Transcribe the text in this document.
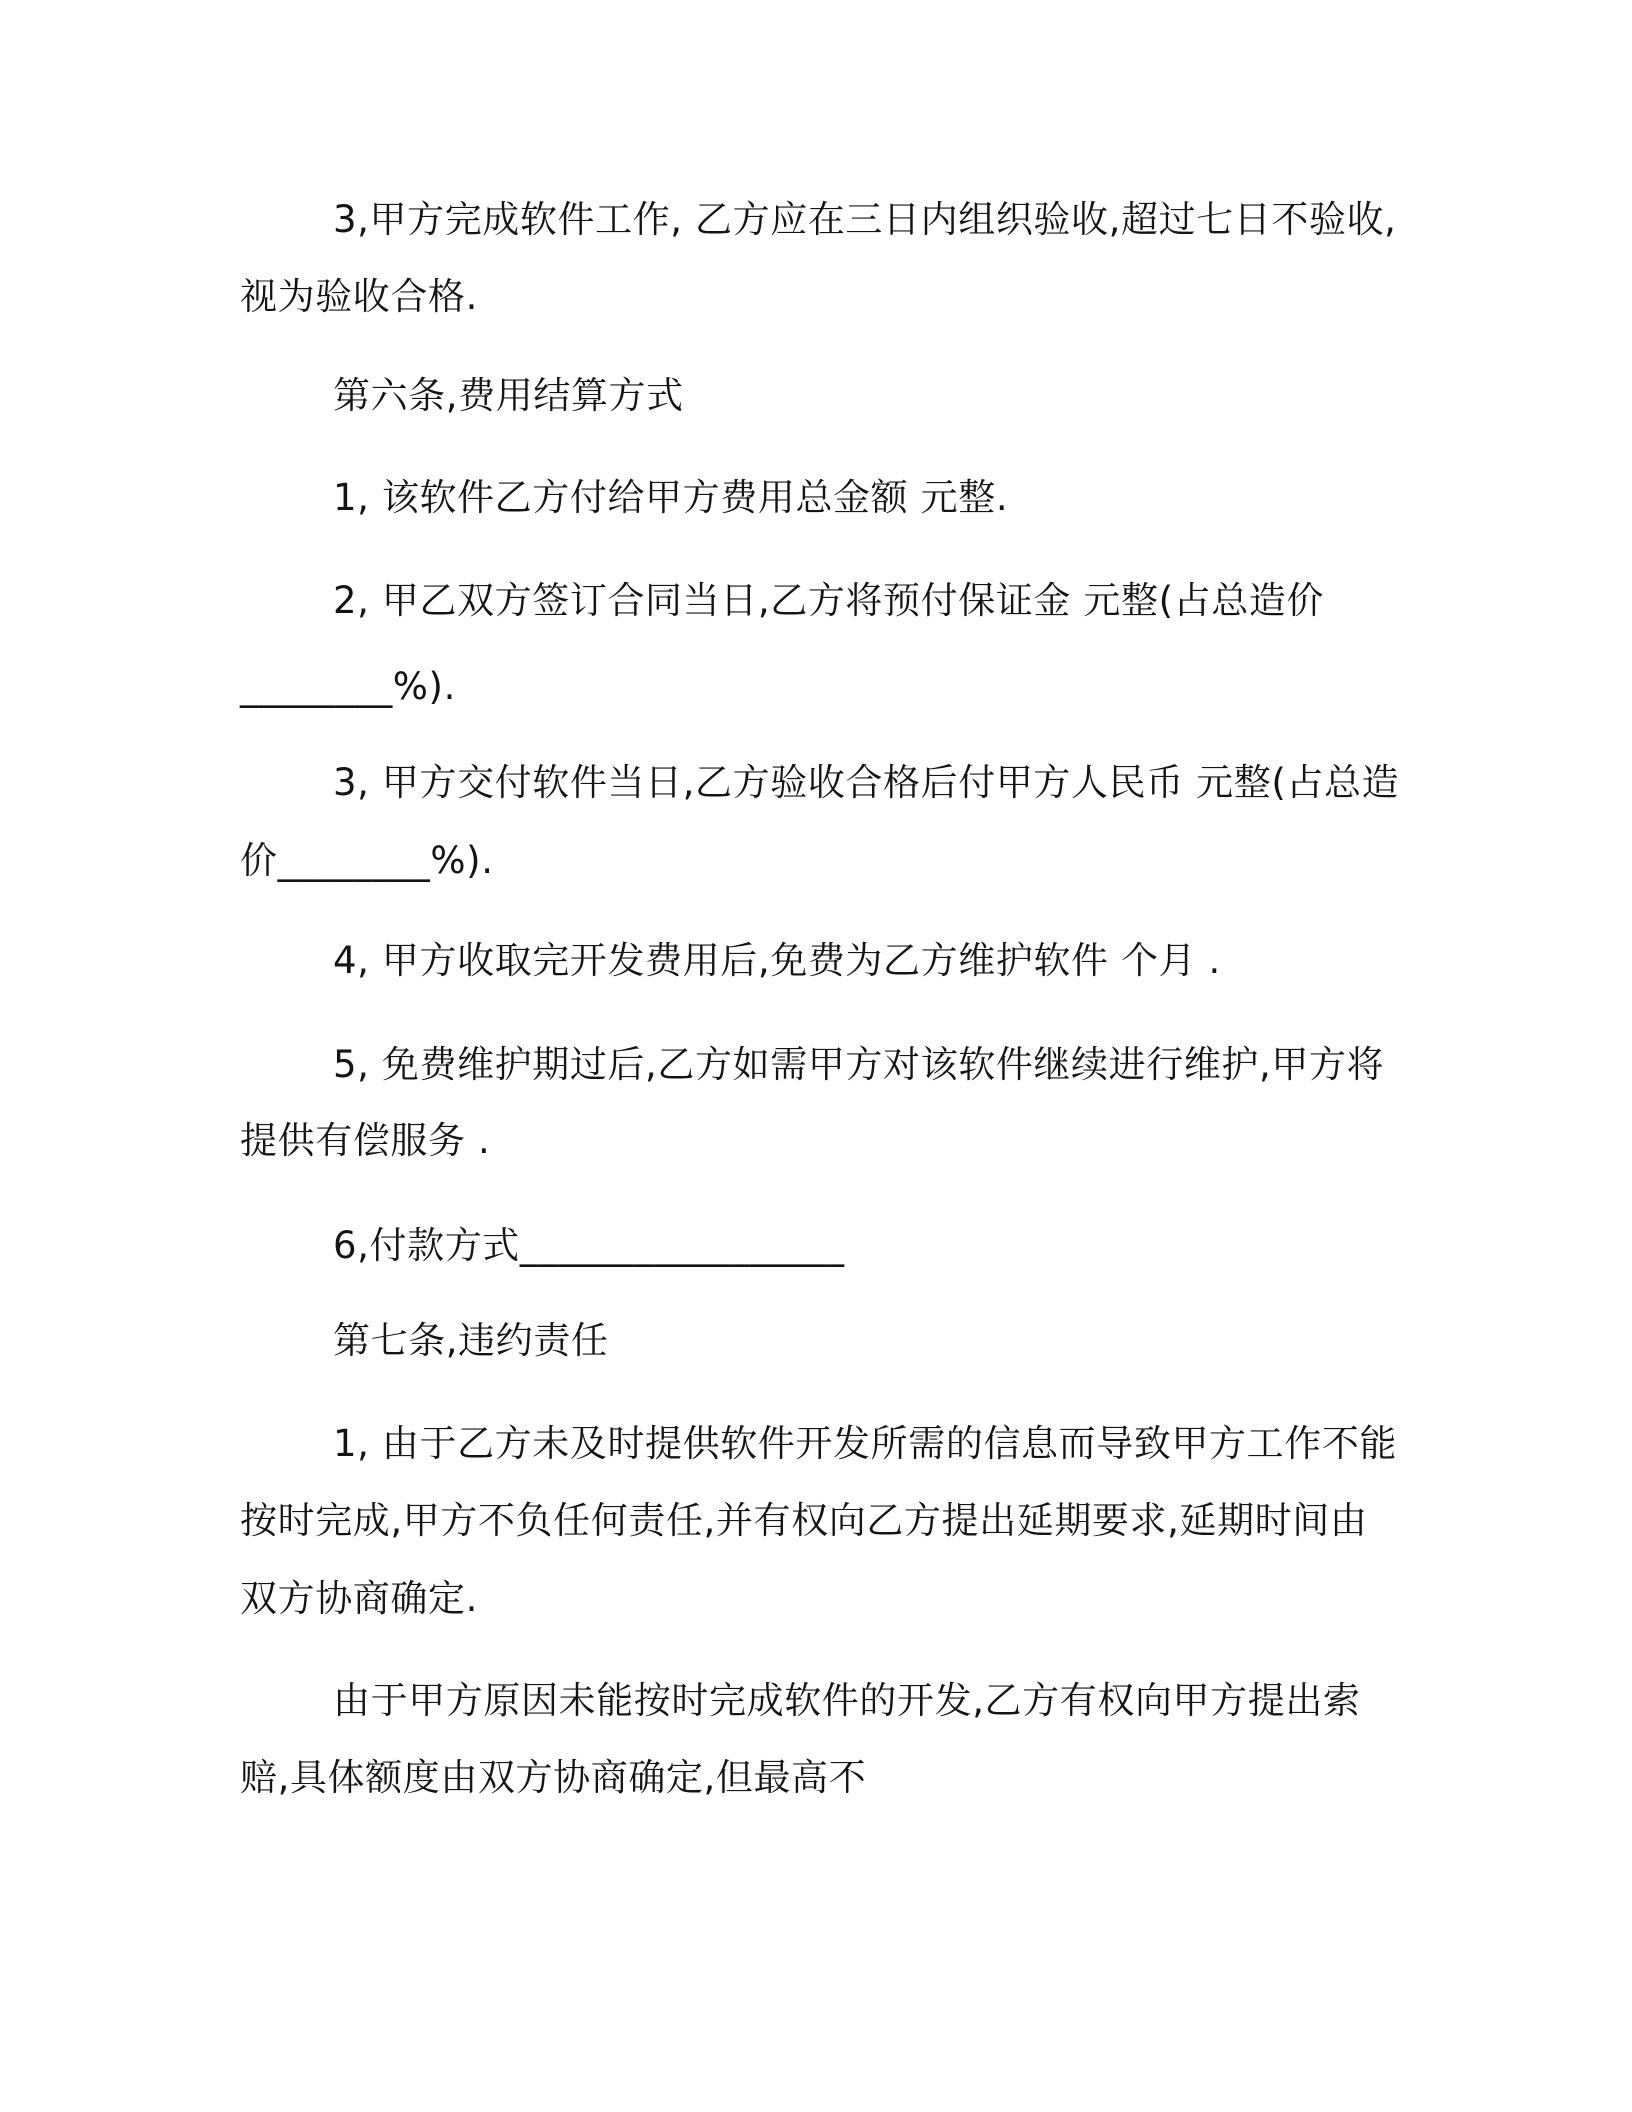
3,甲方完成软件工作, 乙方应在三日内组织验收,超过七日不验收,

视为验收合格.

第六条,费用结算方式

1, 该软件乙方付给甲方费用总金额 元整.

2, 甲乙双方签订合同当日,乙方将预付保证金 元整(占总造价

________%).

3, 甲方交付软件当日,乙方验收合格后付甲方人民币 元整(占总造

价________%).

4, 甲方收取完开发费用后,免费为乙方维护软件 个月 .

5, 免费维护期过后,乙方如需甲方对该软件继续进行维护,甲方将

提供有偿服务 .

6,付款方式_________________

第七条,违约责任

1, 由于乙方未及时提供软件开发所需的信息而导致甲方工作不能

按时完成,甲方不负任何责任,并有权向乙方提出延期要求,延期时间由

双方协商确定.

由于甲方原因未能按时完成软件的开发,乙方有权向甲方提出索

赔,具体额度由双方协商确定,但最高不
